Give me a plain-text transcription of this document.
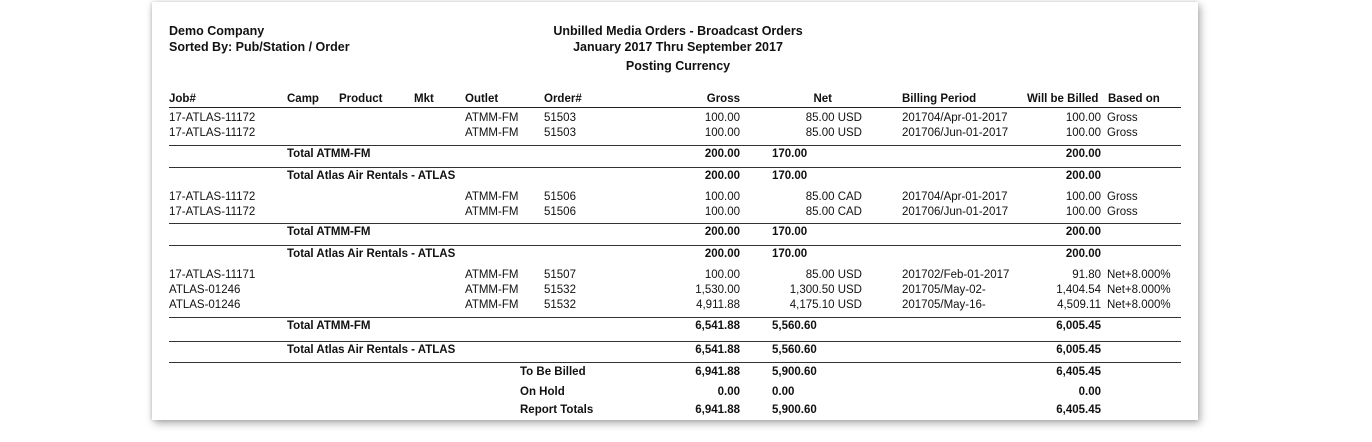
Demo Company
Sorted By: Pub/Station / Order
Unbilled Media Orders - Broadcast Orders
January 2017 Thru September 2017
Posting Currency
Job#	Camp Product	Mkt	Outlet	Order#	Gross	Net	Billing Period	Will be Billed Based on
17-ATLAS-11172	ATMM-FM 51503	100.00	85.00 USD	201704/Apr-01-2017	100.00 Gross
17-ATLAS-11172	ATMM-FM 51503	100.00	85.00 USD	201706/Jun-01-2017	100.00 Gross
Total ATMM-FM	200.00	170.00	200.00
Total Atlas Air Rentals - ATLAS	200.00	170.00	200.00
17-ATLAS-11172	ATMM-FM 51506	100.00	85.00 CAD	201704/Apr-01-2017	100.00 Gross
17-ATLAS-11172	ATMM-FM 51506	100.00	85.00 CAD	201706/Jun-01-2017	100.00 Gross
Total ATMM-FM	200.00	170.00	200.00
Total Atlas Air Rentals - ATLAS	200.00	170.00	200.00
17-ATLAS-11171	ATMM-FM 51507	100.00	85.00 USD	201702/Feb-01-2017	91.80 Net+8.000%
ATLAS-01246	ATMM-FM 51532	1,530.00	1,300.50 USD	201705/May-02-	1,404.54 Net+8.000%
ATLAS-01246	ATMM-FM 51532	4,911.88	4,175.10 USD	201705/May-16-	4,509.11 Net+8.000%
Total ATMM-FM	6,541.88	5,560.60	6,005.45
Total Atlas Air Rentals - ATLAS	6,541.88	5,560.60	6,005.45
To Be Billed	6,941.88	5,900.60	6,405.45
On Hold	0.00	0.00	0.00
Report Totals	6,941.88	5,900.60	6,405.45
